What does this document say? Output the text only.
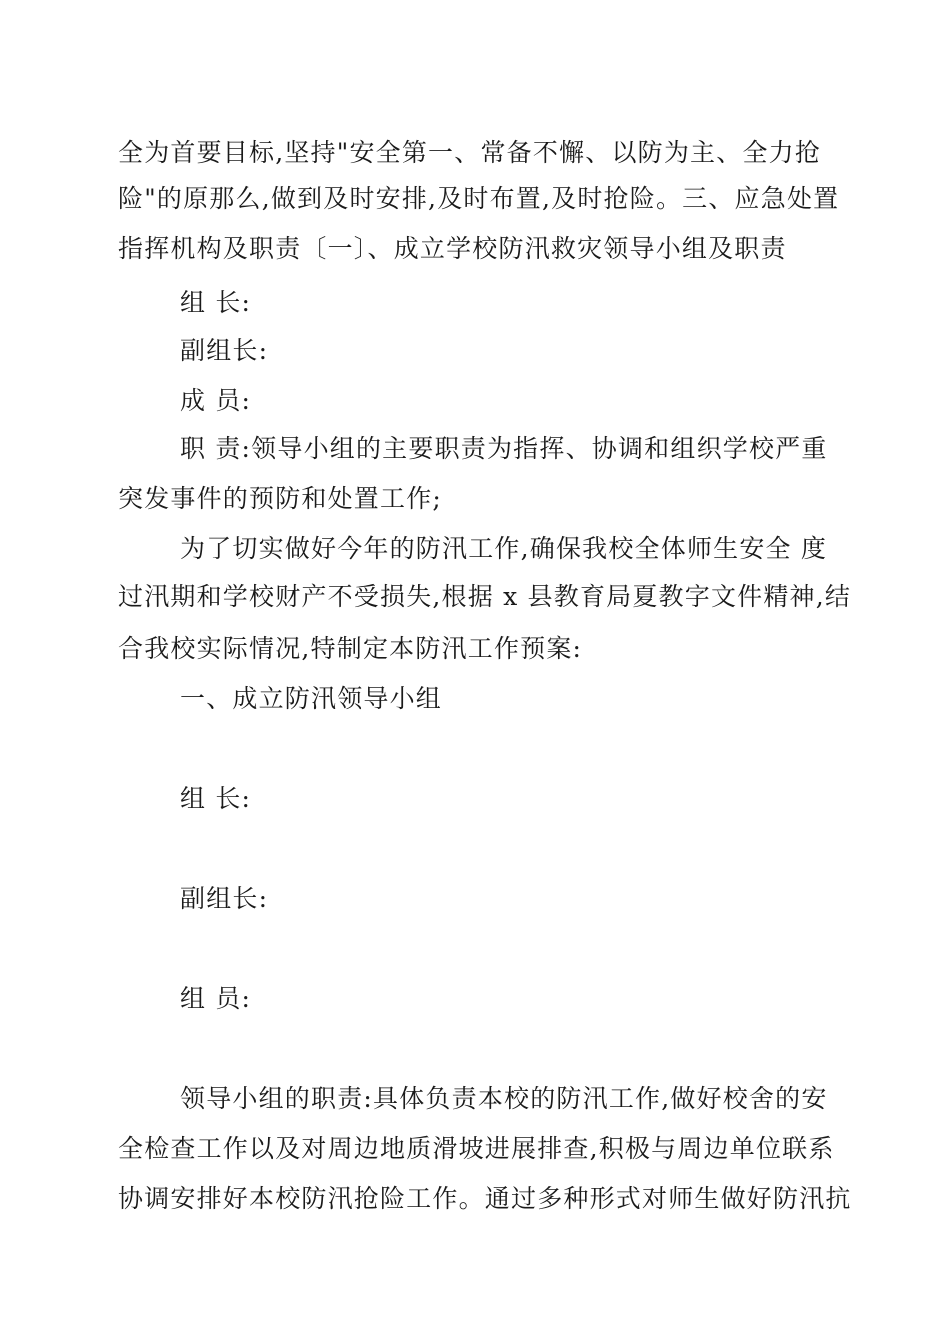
全为首要目标,坚持"安全第一、常备不懈、以防为主、全力抢
险"的原那么,做到及时安排,及时布置,及时抢险。三、应急处置
指挥机构及职责〔一〕、成立学校防汛救灾领导小组及职责
组 长:
副组长:
成 员:
职 责:领导小组的主要职责为指挥、协调和组织学校严重
突发事件的预防和处置工作;
为了切实做好今年的防汛工作,确保我校全体师生安全 度
过汛期和学校财产不受损失,根据 x 县教育局夏教字文件精神,结
合我校实际情况,特制定本防汛工作预案:
一、成立防汛领导小组
组 长:
副组长:
组 员:
领导小组的职责:具体负责本校的防汛工作,做好校舍的安
全检查工作以及对周边地质滑坡进展排查,积极与周边单位联系
协调安排好本校防汛抢险工作。通过多种形式对师生做好防汛抗
